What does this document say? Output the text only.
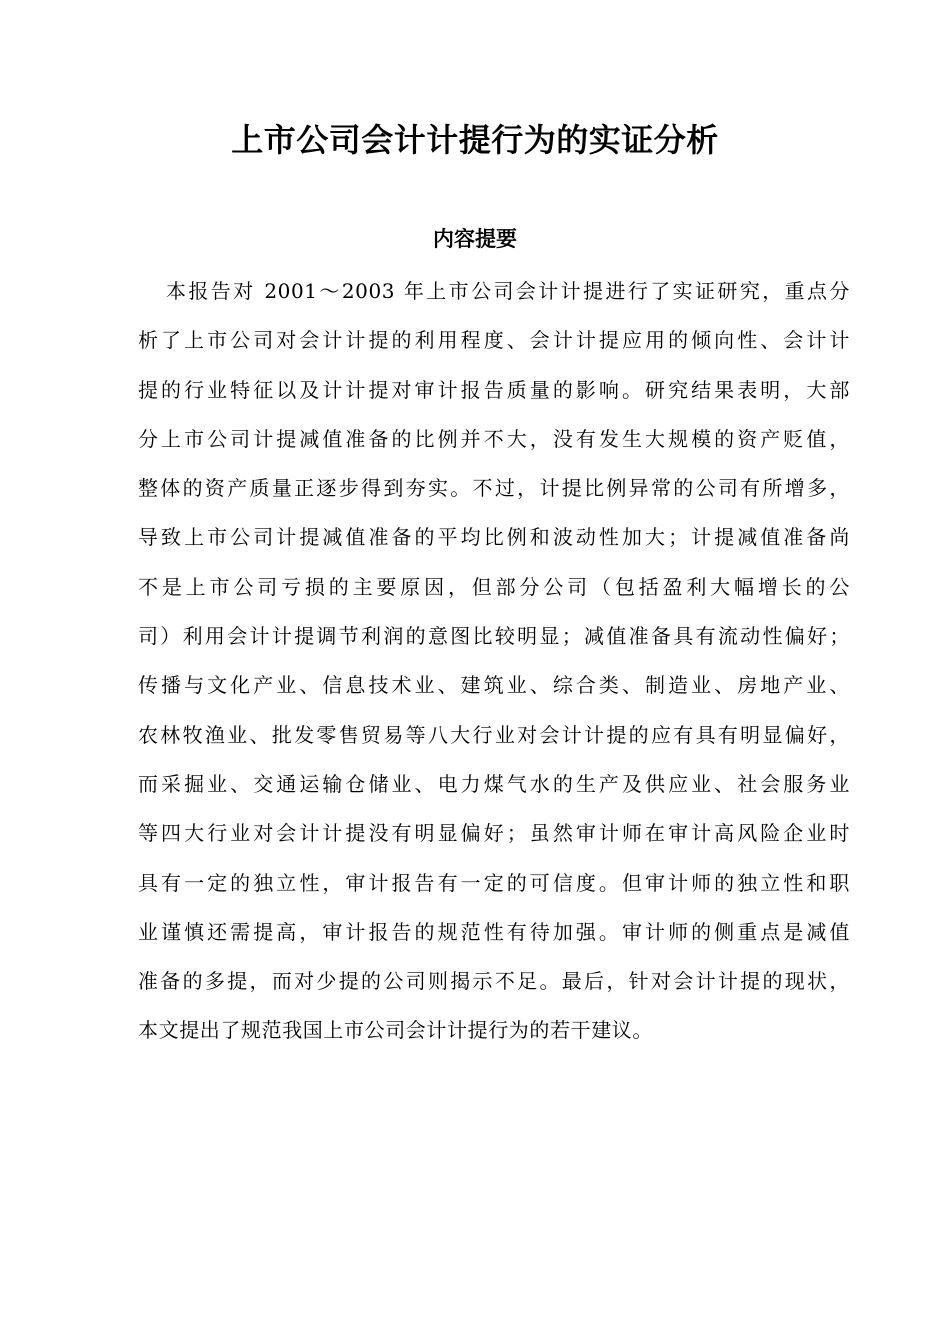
上市公司会计计提行为的实证分析
内容提要
本报告对 2001～2003 年上市公司会计计提进行了实证研究，重点分
析了上市公司对会计计提的利用程度、会计计提应用的倾向性、会计计
提的行业特征以及计计提对审计报告质量的影响。研究结果表明，大部
分上市公司计提减值准备的比例并不大，没有发生大规模的资产贬值，
整体的资产质量正逐步得到夯实。不过，计提比例异常的公司有所增多，
导致上市公司计提减值准备的平均比例和波动性加大；计提减值准备尚
不是上市公司亏损的主要原因，但部分公司（包括盈利大幅增长的公
司）利用会计计提调节利润的意图比较明显；减值准备具有流动性偏好；
传播与文化产业、信息技术业、建筑业、综合类、制造业、房地产业、
农林牧渔业、批发零售贸易等八大行业对会计计提的应有具有明显偏好，
而采掘业、交通运输仓储业、电力煤气水的生产及供应业、社会服务业
等四大行业对会计计提没有明显偏好；虽然审计师在审计高风险企业时
具有一定的独立性，审计报告有一定的可信度。但审计师的独立性和职
业谨慎还需提高，审计报告的规范性有待加强。审计师的侧重点是减值
准备的多提，而对少提的公司则揭示不足。最后，针对会计计提的现状，
本文提出了规范我国上市公司会计计提行为的若干建议。
